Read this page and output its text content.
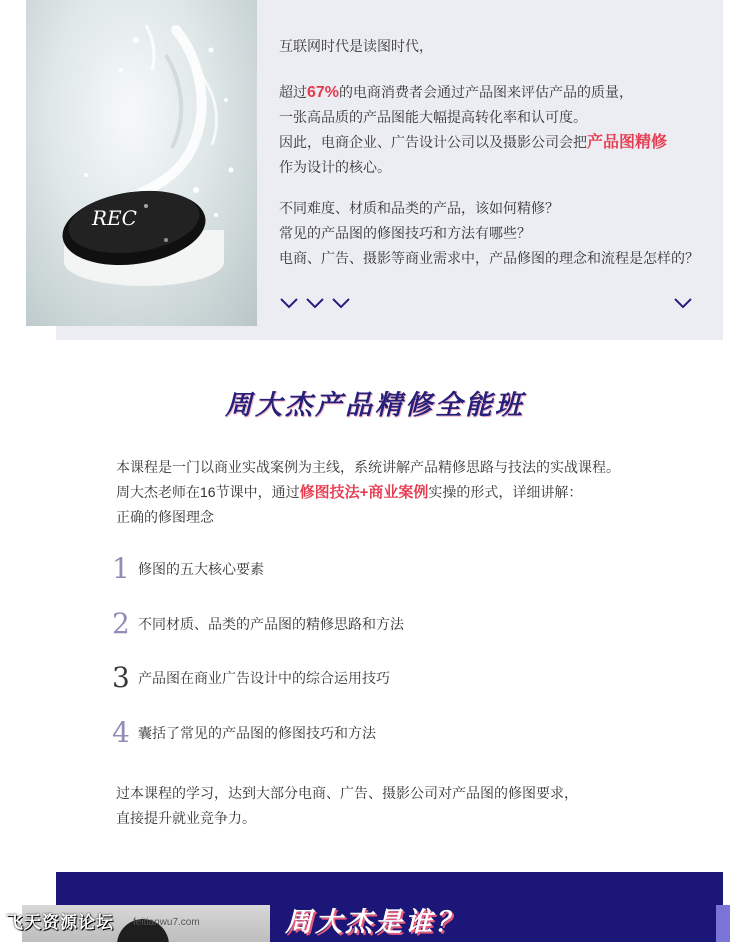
REC

互联网时代是读图时代，

超过67%的电商消费者会通过产品图来评估产品的质量，

一张高品质的产品图能大幅提高转化率和认可度。

因此，电商企业、广告设计公司以及摄影公司会把产品图精修

作为设计的核心。

不同难度、材质和品类的产品，该如何精修？

常见的产品图的修图技巧和方法有哪些？

电商、广告、摄影等商业需求中，产品修图的理念和流程是怎样的？

周大杰产品精修全能班

本课程是一门以商业实战案例为主线，系统讲解产品精修思路与技法的实战课程。

周大杰老师在16节课中，通过修图技法+商业案例实操的形式，详细讲解：

正确的修图理念

1 修图的五大核心要素
2 不同材质、品类的产品图的精修思路和方法
3 产品图在商业广告设计中的综合运用技巧
4 囊括了常见的产品图的修图技巧和方法

过本课程的学习，达到大部分电商、广告、摄影公司对产品图的修图要求，

直接提升就业竞争力。

周大杰是谁？
飞天资源论坛 feitianwu7.com
